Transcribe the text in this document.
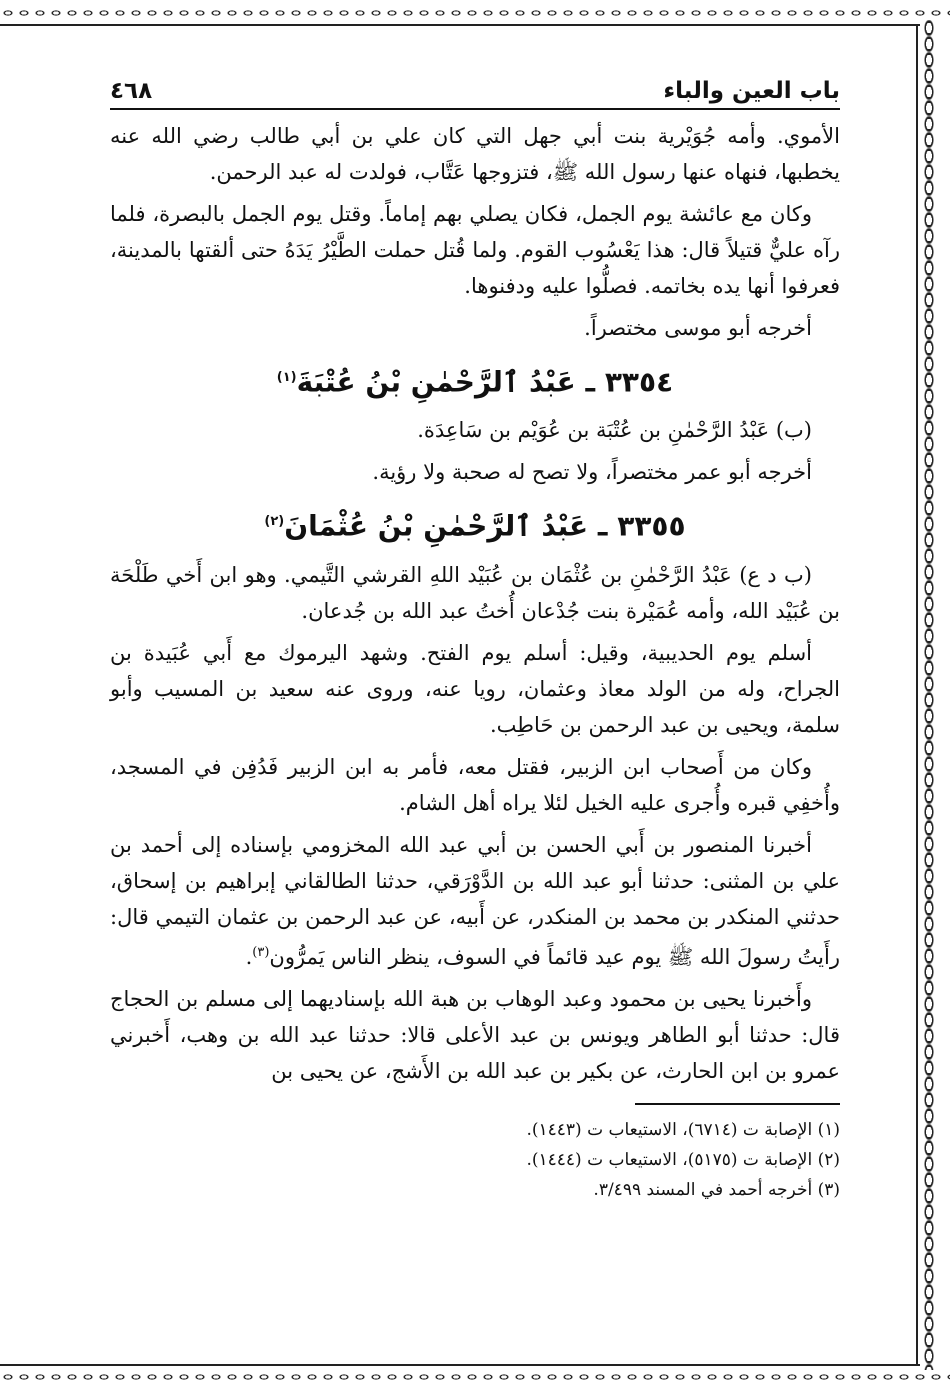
باب العين والباء
٤٦٨

الأموي. وأمه جُوَيْرية بنت أبي جهل التي كان علي بن أبي طالب رضي الله عنه يخطبها، فنهاه عنها رسول الله ﷺ، فتزوجها عَتَّاب، فولدت له عبد الرحمن.

وكان مع عائشة يوم الجمل، فكان يصلي بهم إماماً. وقتل يوم الجمل بالبصرة، فلما رآه عليٌّ قتيلاً قال: هذا يَعْسُوب القوم. ولما قُتل حملت الطَّيْرُ يَدَهُ حتى ألقتها بالمدينة، فعرفوا أنها يده بخاتمه. فصلُّوا عليه ودفنوها.

أخرجه أبو موسى مختصراً.

٣٣٥٤ ـ عَبْدُ ٱلرَّحْمٰنِ بْنُ عُتْبَةَ$^{(١)}$

(ب) عَبْدُ الرَّحْمٰنِ بن عُتْبَة بن عُوَيْم بن سَاعِدَة.

أخرجه أبو عمر مختصراً، ولا تصح له صحبة ولا رؤية.

٣٣٥٥ ـ عَبْدُ ٱلرَّحْمٰنِ بْنُ عُثْمَانَ$^{(٢)}$

(ب د ع) عَبْدُ الرَّحْمٰنِ بن عُثْمَان بن عُبَيْد اللهِ القرشي التَّيمي. وهو ابن أَخي طَلْحَة بن عُبَيْد الله، وأمه عُمَيْرة بنت جُدْعان أُختُ عبد الله بن جُدعان.

أسلم يوم الحديبية، وقيل: أسلم يوم الفتح. وشهد اليرموك مع أَبي عُبَيدة بن الجراح، وله من الولد معاذ وعثمان، رويا عنه، وروى عنه سعيد بن المسيب وأبو سلمة، ويحيى بن عبد الرحمن بن حَاطِب.

وكان من أَصحاب ابن الزبير، فقتل معه، فأمر به ابن الزبير فَدُفِن في المسجد، وأُخفِي قبره وأُجرى عليه الخيل لئلا يراه أهل الشام.

أخبرنا المنصور بن أَبي الحسن بن أبي عبد الله المخزومي بإسناده إلى أحمد بن علي بن المثنى: حدثنا أبو عبد الله بن الدَّوْرَقي، حدثنا الطالقاني إبراهيم بن إسحاق، حدثني المنكدر بن محمد بن المنكدر، عن أَبيه، عن عبد الرحمن بن عثمان التيمي قال: رأَيتُ رسولَ الله ﷺ يوم عيد قائماً في السوف، ينظر الناس يَمرُّون$^{(٣)}$.

وأَخبرنا يحيى بن محمود وعبد الوهاب بن هبة الله بإسناديهما إلى مسلم بن الحجاج قال: حدثنا أبو الطاهر ويونس بن عبد الأعلى قالا: حدثنا عبد الله بن وهب، أَخبرني عمرو بن ابن الحارث، عن بكير بن عبد الله بن الأَشج، عن يحيى بن

(١) الإصابة ت (٦٧١٤)، الاستيعاب ت (١٤٤٣).

(٢) الإصابة ت (٥١٧٥)، الاستيعاب ت (١٤٤٤).

(٣) أخرجه أحمد في المسند ٣/٤٩٩.
